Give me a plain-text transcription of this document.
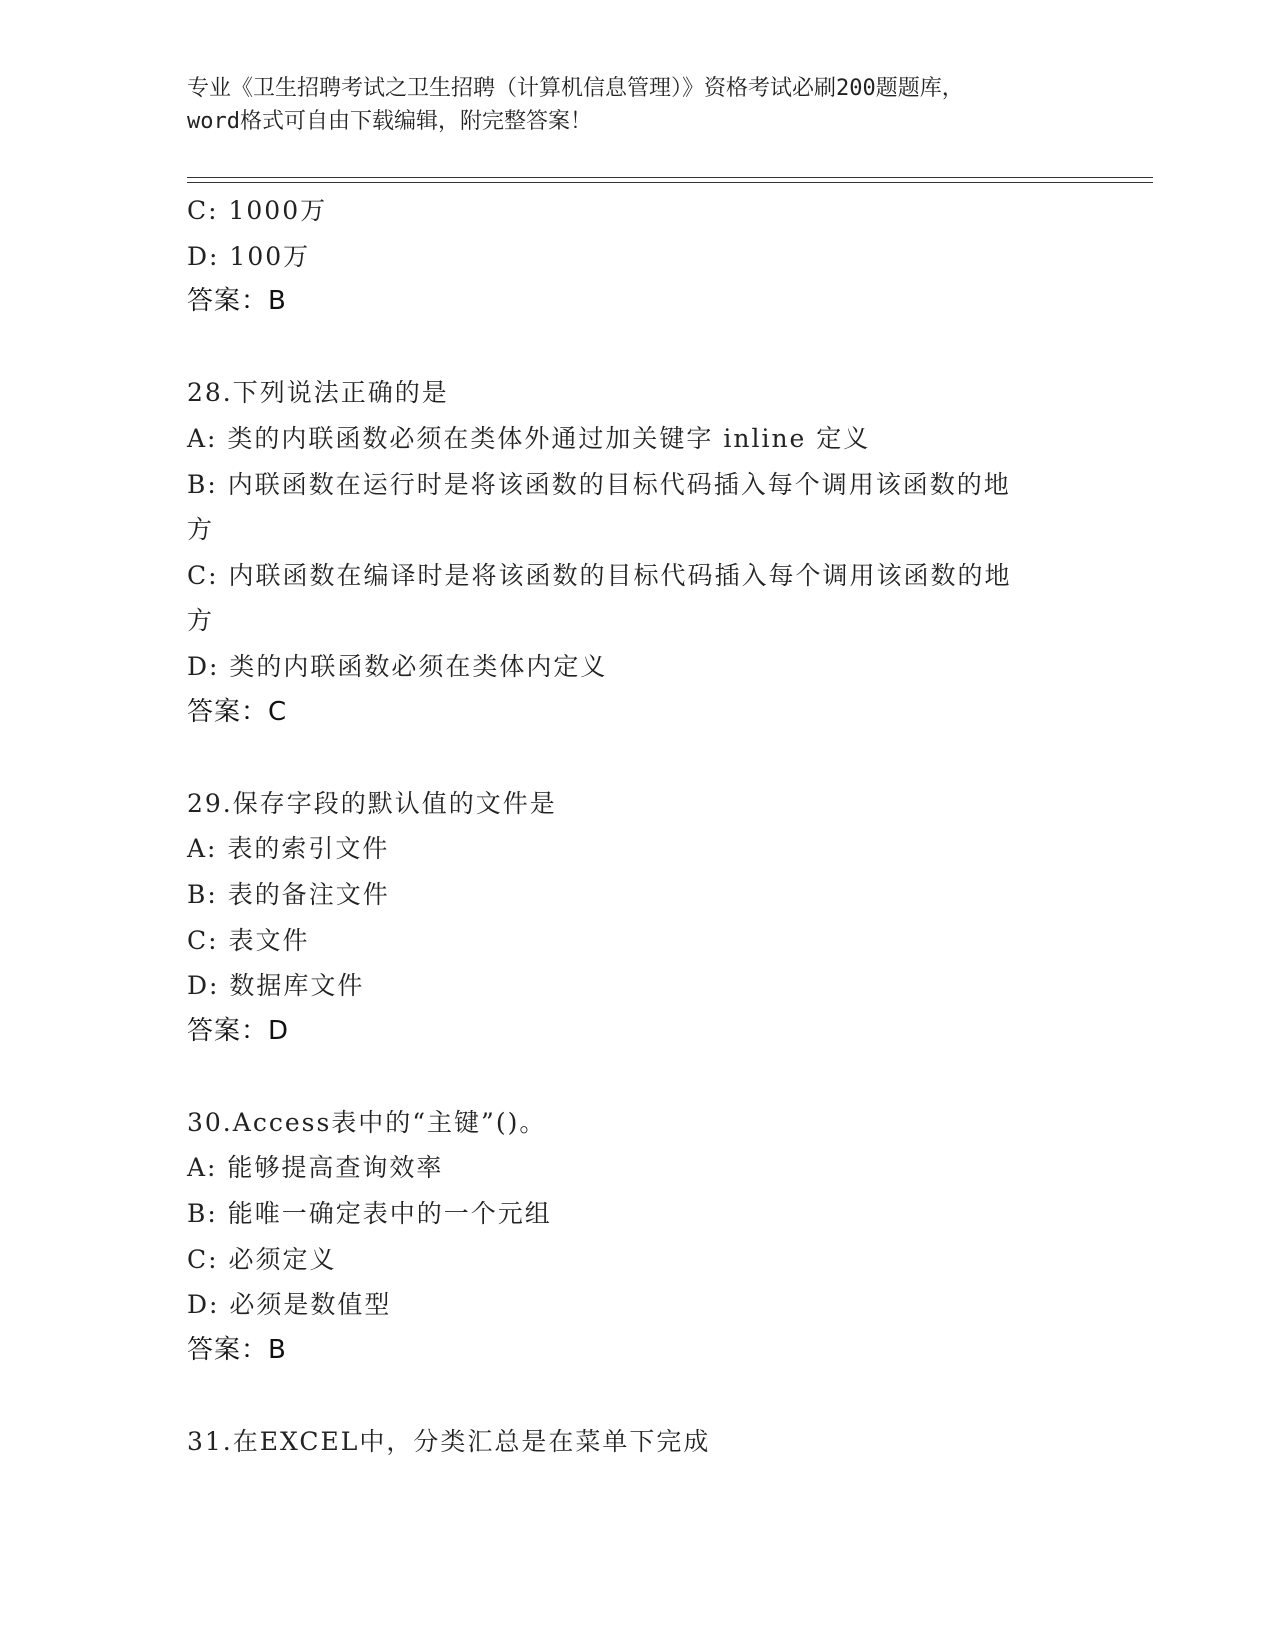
专业《卫生招聘考试之卫生招聘（计算机信息管理）》资格考试必刷200题题库，
word格式可自由下载编辑，附完整答案！
C: 1000万
D: 100万
答案：B
28.下列说法正确的是
A: 类的内联函数必须在类体外通过加关键字 inline 定义
B: 内联函数在运行时是将该函数的目标代码插入每个调用该函数的地
方
C: 内联函数在编译时是将该函数的目标代码插入每个调用该函数的地
方
D: 类的内联函数必须在类体内定义
答案：C
29.保存字段的默认值的文件是
A: 表的索引文件
B: 表的备注文件
C: 表文件
D: 数据库文件
答案：D
30.Access表中的“主键”()。
A: 能够提高查询效率
B: 能唯一确定表中的一个元组
C: 必须定义
D: 必须是数值型
答案：B
31.在EXCEL中，分类汇总是在菜单下完成
